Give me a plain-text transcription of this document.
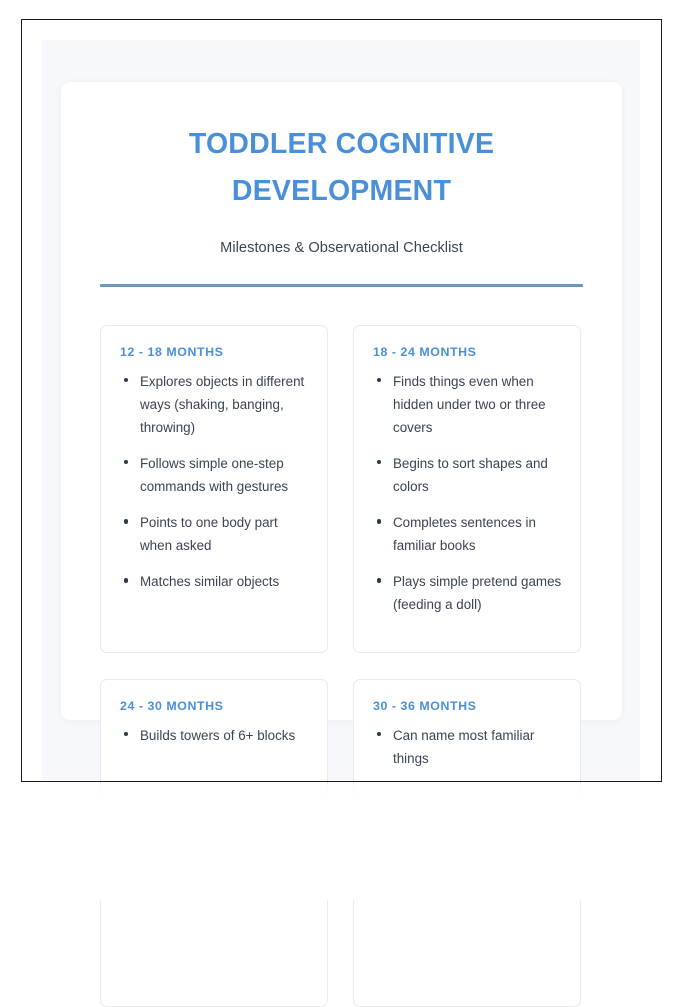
TODDLER COGNITIVE
DEVELOPMENT
Milestones & Observational Checklist
12 - 18 MONTHS
Explores objects in different ways (shaking, banging, throwing)
Follows simple one-step commands with gestures
Points to one body part when asked
Matches similar objects
18 - 24 MONTHS
Finds things even when hidden under two or three covers
Begins to sort shapes and colors
Completes sentences in familiar books
Plays simple pretend games (feeding a doll)
24 - 30 MONTHS
Builds towers of 6+ blocks
30 - 36 MONTHS
Can name most familiar things
